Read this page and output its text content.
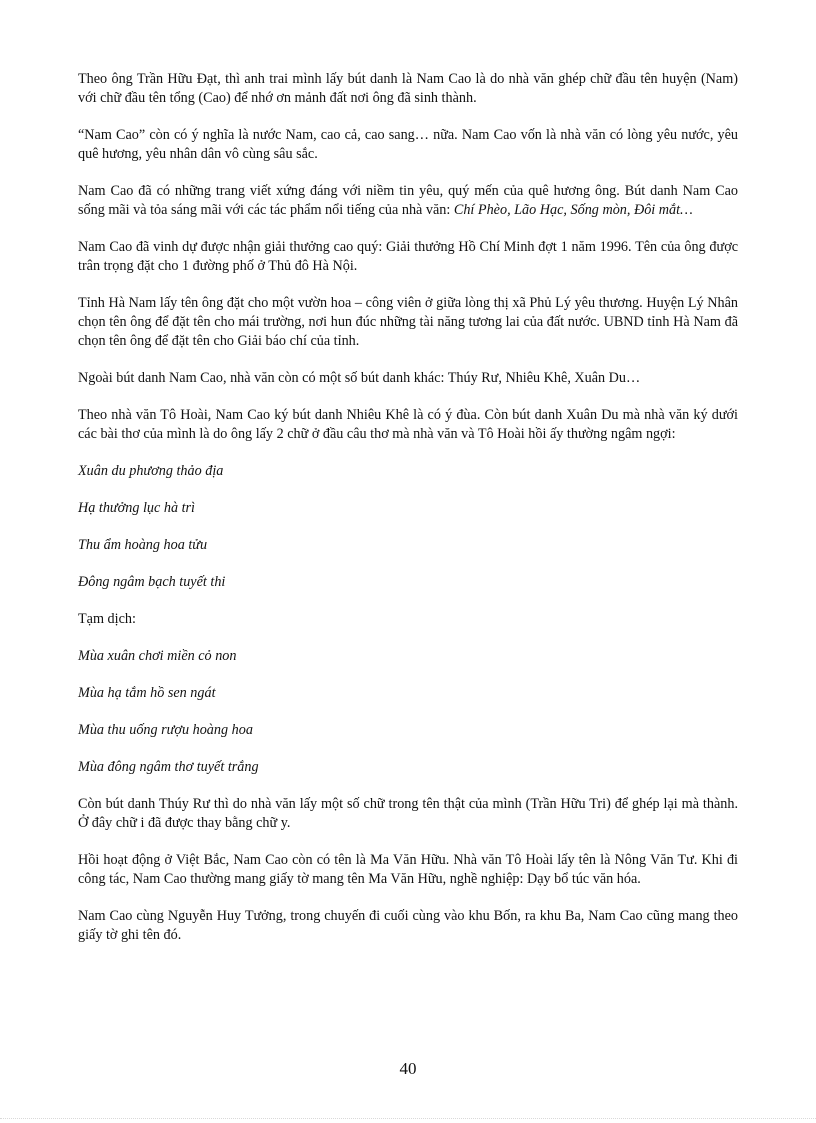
Theo ông Trần Hữu Đạt, thì anh trai mình lấy bút danh là Nam Cao là do nhà văn ghép chữ đầu tên huyện (Nam) với chữ đầu tên tổng (Cao) để nhớ ơn mảnh đất nơi ông đã sinh thành.

“Nam Cao” còn có ý nghĩa là nước Nam, cao cả, cao sang… nữa. Nam Cao vốn là nhà văn có lòng yêu nước, yêu quê hương, yêu nhân dân vô cùng sâu sắc.

Nam Cao đã có những trang viết xứng đáng với niềm tin yêu, quý mến của quê hương ông. Bút danh Nam Cao sống mãi và tỏa sáng mãi với các tác phẩm nổi tiếng của nhà văn: Chí Phèo, Lão Hạc, Sống mòn, Đôi mắt…

Nam Cao đã vinh dự được nhận giải thưởng cao quý: Giải thưởng Hồ Chí Minh đợt 1 năm 1996. Tên của ông được trân trọng đặt cho 1 đường phố ở Thủ đô Hà Nội.

Tỉnh Hà Nam lấy tên ông đặt cho một vườn hoa – công viên ở giữa lòng thị xã Phủ Lý yêu thương. Huyện Lý Nhân chọn tên ông để đặt tên cho mái trường, nơi hun đúc những tài năng tương lai của đất nước. UBND tỉnh Hà Nam đã chọn tên ông để đặt tên cho Giải báo chí của tỉnh.

Ngoài bút danh Nam Cao, nhà văn còn có một số bút danh khác: Thúy Rư, Nhiêu Khê, Xuân Du…

Theo nhà văn Tô Hoài, Nam Cao ký bút danh Nhiêu Khê là có ý đùa. Còn bút danh Xuân Du mà nhà văn ký dưới các bài thơ của mình là do ông lấy 2 chữ ở đầu câu thơ mà nhà văn và Tô Hoài hồi ấy thường ngâm ngợi:

Xuân du phương thảo địa

Hạ thưởng lục hà trì

Thu ẩm hoàng hoa tửu

Đông ngâm bạch tuyết thi

Tạm dịch:

Mùa xuân chơi miền cỏ non

Mùa hạ tắm hồ sen ngát

Mùa thu uống rượu hoàng hoa

Mùa đông ngâm thơ tuyết trắng

Còn bút danh Thúy Rư thì do nhà văn lấy một số chữ trong tên thật của mình (Trần Hữu Tri) để ghép lại mà thành. Ở đây chữ i đã được thay bằng chữ y.

Hồi hoạt động ở Việt Bắc, Nam Cao còn có tên là Ma Văn Hữu. Nhà văn Tô Hoài lấy tên là Nông Văn Tư. Khi đi công tác, Nam Cao thường mang giấy tờ mang tên Ma Văn Hữu, nghề nghiệp: Dạy bổ túc văn hóa.

Nam Cao cùng Nguyễn Huy Tưởng, trong chuyến đi cuối cùng vào khu Bốn, ra khu Ba, Nam Cao cũng mang theo giấy tờ ghi tên đó.

40
